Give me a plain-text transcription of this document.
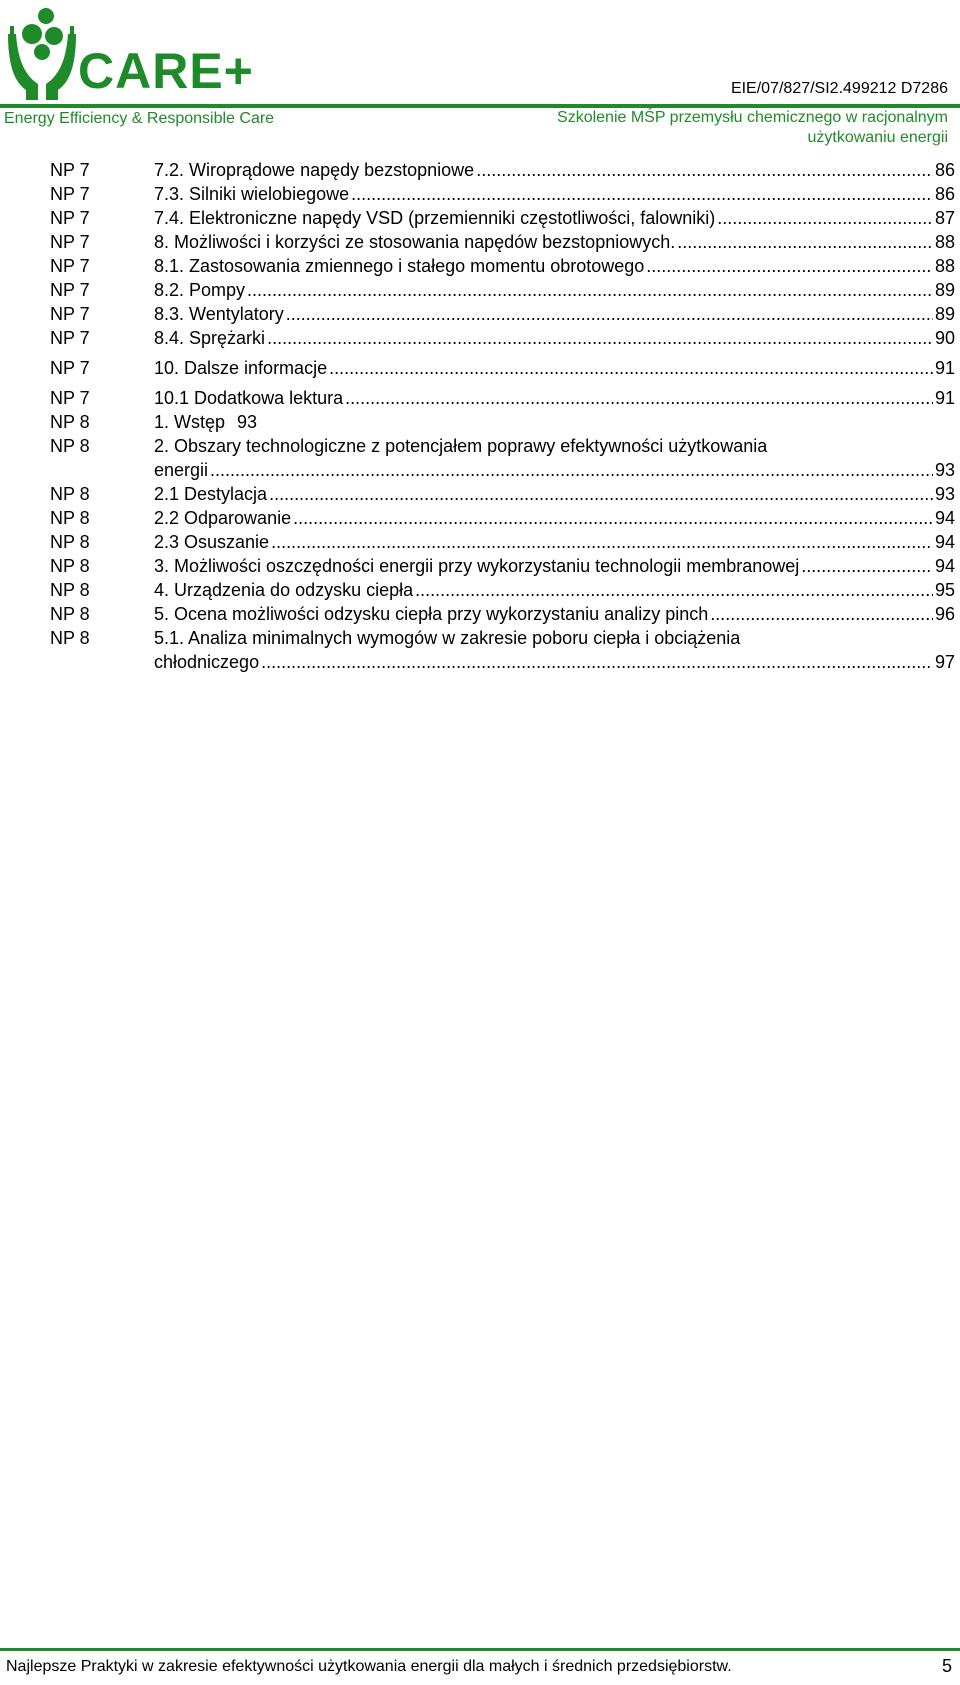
CARE+
Energy Efficiency & Responsible Care
EIE/07/827/SI2.499212 D7286
Szkolenie MŚP przemysłu chemicznego w racjonalnym użytkowaniu energii
NP 7	7.2. Wiroprądowe napędy bezstopniowe .....	86
NP 7	7.3. Silniki wielobiegowe .....	86
NP 7	7.4. Elektroniczne napędy VSD (przemienniki częstotliwości, falowniki) .....	87
NP 7	8. Możliwości i korzyści ze stosowania napędów bezstopniowych. .....	88
NP 7	8.1. Zastosowania zmiennego i stałego momentu obrotowego .....	88
NP 7	8.2. Pompy .....	89
NP 7	8.3. Wentylatory .....	89
NP 7	8.4. Sprężarki .....	90
NP 7	10. Dalsze informacje .....	91
NP 7	10.1 Dodatkowa lektura .....	91
NP 8	1. Wstęp 93
NP 8	2. Obszary technologiczne z potencjałem poprawy efektywności użytkowania
energii .....	93
NP 8	2.1 Destylacja .....	93
NP 8	2.2 Odparowanie .....	94
NP 8	2.3 Osuszanie .....	94
NP 8	3. Możliwości oszczędności energii przy wykorzystaniu technologii membranowej .....	94
NP 8	4. Urządzenia do odzysku ciepła .....	95
NP 8	5. Ocena możliwości odzysku ciepła przy wykorzystaniu analizy pinch .....	96
NP 8	5.1. Analiza minimalnych wymogów w zakresie poboru ciepła i obciążenia
chłodniczego .....	97
Najlepsze Praktyki w zakresie efektywności użytkowania energii dla małych i średnich przedsiębiorstw.	5
